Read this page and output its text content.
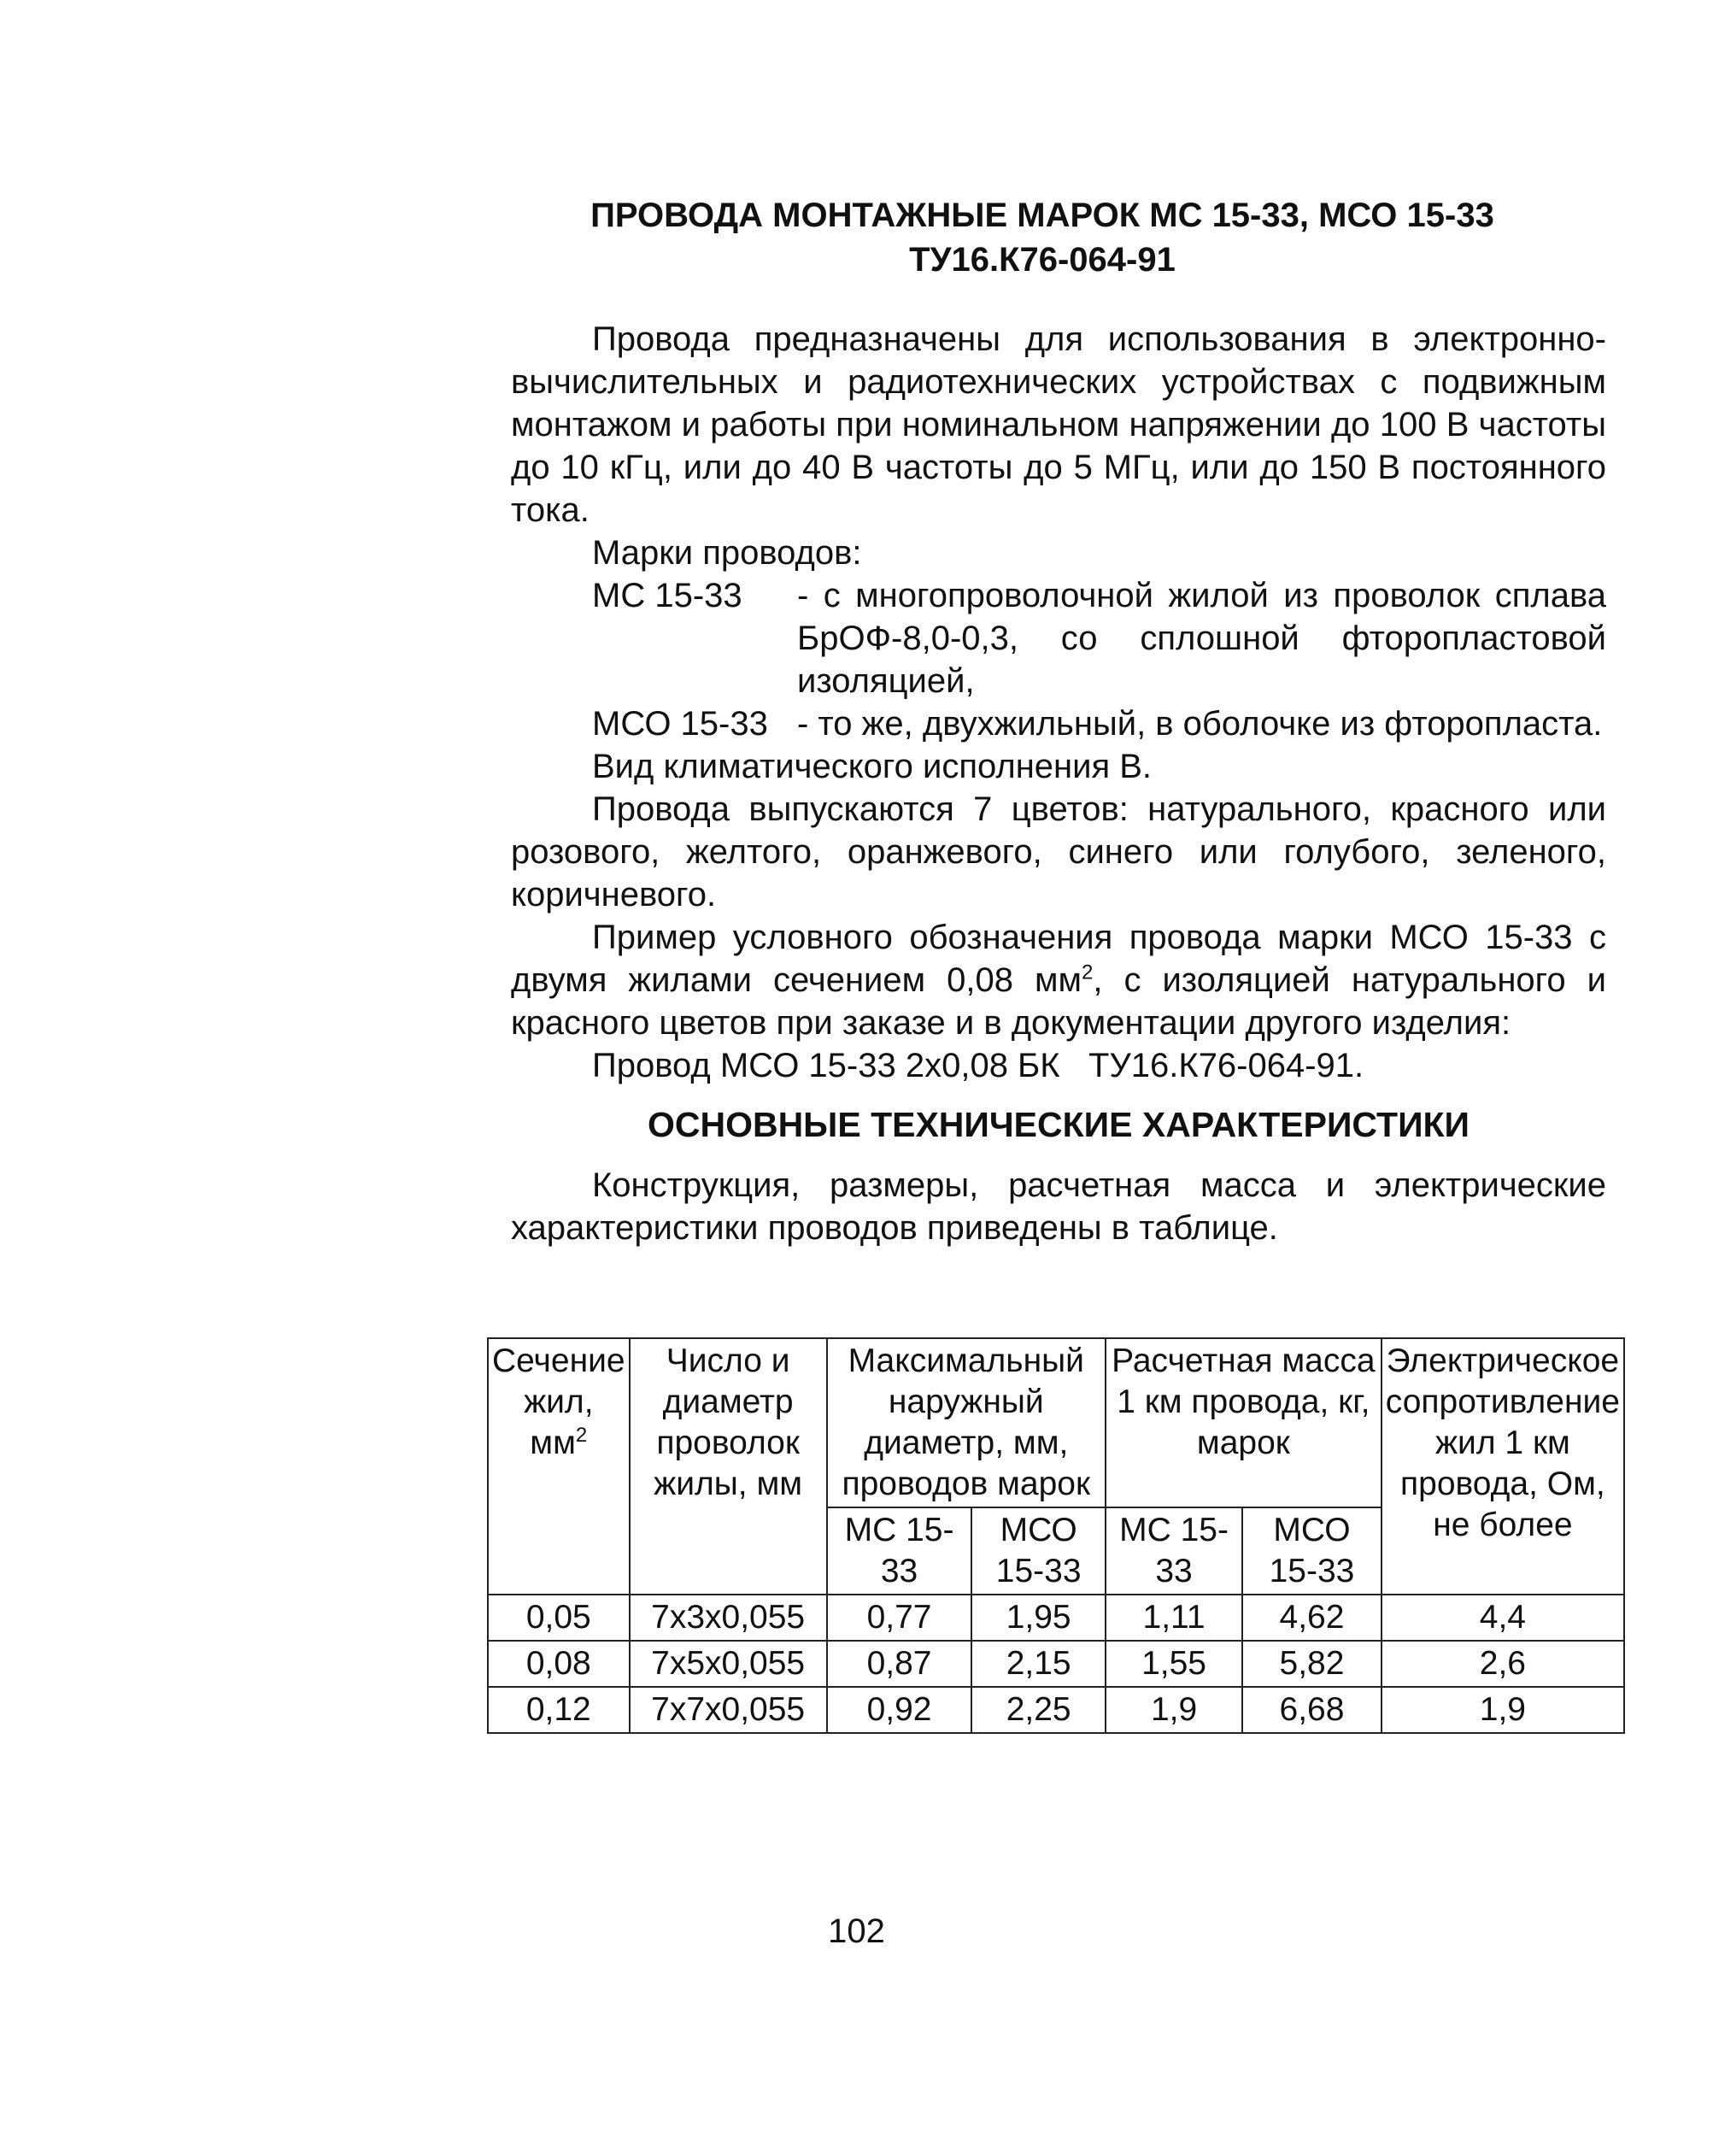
ПРОВОДА МОНТАЖНЫЕ МАРОК МС 15-33, МСО 15-33
ТУ16.К76-064-91

Провода предназначены для использования в электронно-вычислительных и радиотехнических устройствах с подвижным монтажом и работы при номинальном напряжении до 100 В частоты до 10 кГц, или до 40 В частоты до 5 МГц, или до 150 В постоянного тока.

Марки проводов:

МС 15-33	- с многопроволочной жилой из проволок сплава БрОФ-8,0-0,3, со сплошной фторопластовой изоляцией,
МСО 15-33 - то же, двухжильный, в оболочке из фторопласта.

Вид климатического исполнения В.

Провода выпускаются 7 цветов: натурального, красного или розового, желтого, оранжевого, синего или голубого, зеленого, коричневого.

Пример условного обозначения провода марки МСО 15-33 с двумя жилами сечением 0,08 $мм^2$, с изоляцией натурального и красного цветов при заказе и в документации другого изделия:

Провод МСО 15-33 2х0,08 БК   ТУ16.К76-064-91.

ОСНОВНЫЕ ТЕХНИЧЕСКИЕ ХАРАКТЕРИСТИКИ

Конструкция, размеры, расчетная масса и электрические характеристики проводов приведены в таблице.

Сечение жил, $мм^2$	Число и диаметр проволок жилы, мм	Максимальный наружный диаметр, мм, проводов марок		Расчетная масса 1 км провода, кг, марок		Электрическое сопротивление жил 1 км провода, Ом, не более
		МС 15-33	МСО 15-33	МС 15-33	МСО 15-33	
0,05	7х3х0,055	0,77	1,95	1,11	4,62	4,4
0,08	7х5х0,055	0,87	2,15	1,55	5,82	2,6
0,12	7х7х0,055	0,92	2,25	1,9	6,68	1,9
102
